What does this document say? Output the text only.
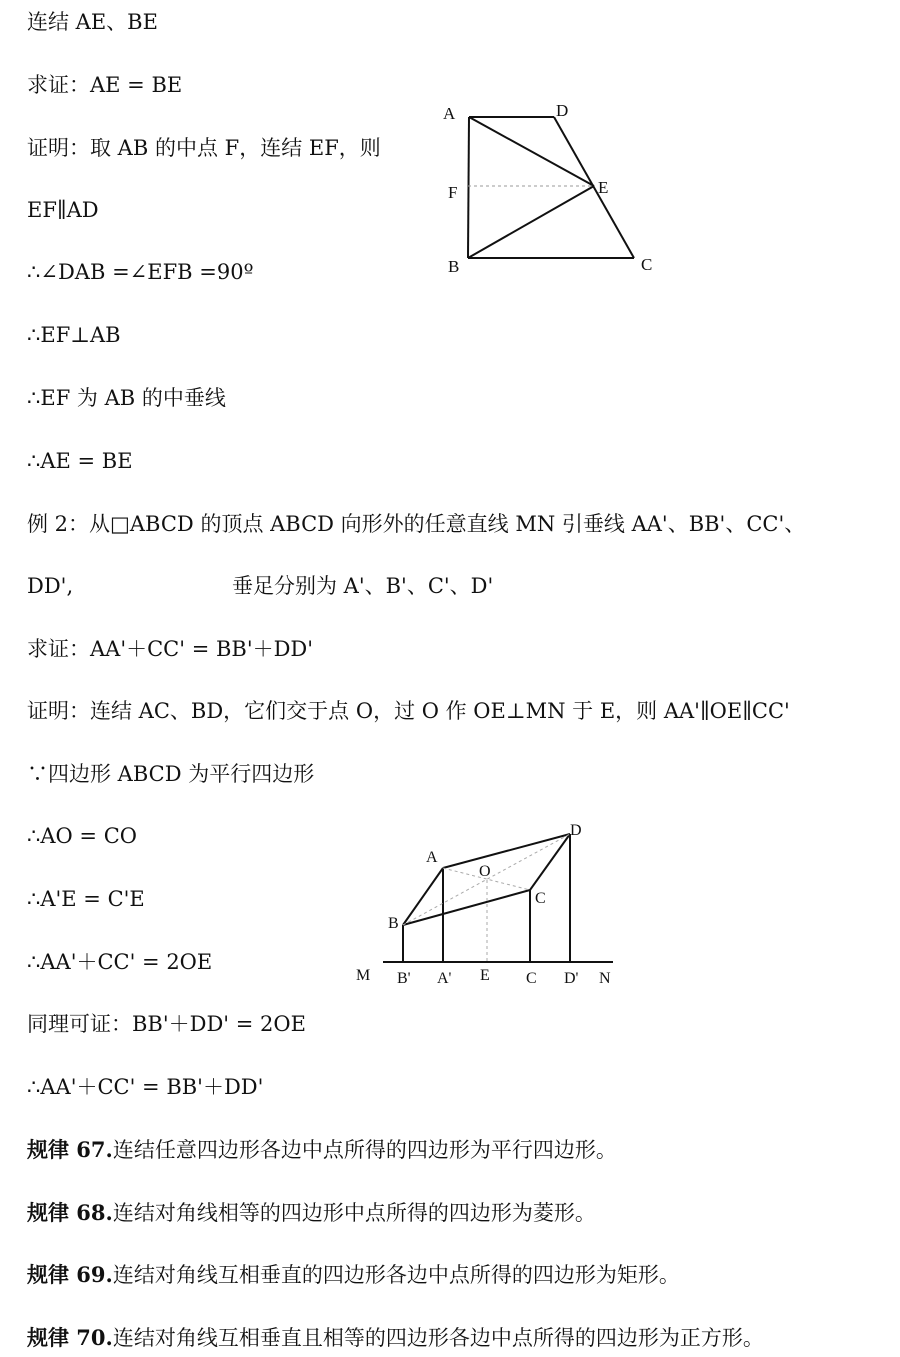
连结 AE、BE
求证：AE = BE
证明：取 AB 的中点 F，连结 EF，则
EF∥AD
∴∠DAB =∠EFB =90º
∴EF⊥AB
∴EF 为 AB 的中垂线
∴AE = BE
例 2：从□ABCD 的顶点 ABCD 向形外的任意直线 MN 引垂线 AA'、BB'、CC'、
DD',	垂足分别为 A'、B'、C'、D'
求证：AA'＋CC' = BB'＋DD'
证明：连结 AC、BD，它们交于点 O，过 O 作 OE⊥MN 于 E，则 AA'∥OE∥CC'
∵四边形 ABCD 为平行四边形
∴AO = CO
∴A'E = C'E
∴AA'＋CC' = 2OE
同理可证：BB'＋DD' = 2OE
∴AA'＋CC' = BB'＋DD'
规律 67.连结任意四边形各边中点所得的四边形为平行四边形。
规律 68.连结对角线相等的四边形中点所得的四边形为菱形。
规律 69.连结对角线互相垂直的四边形各边中点所得的四边形为矩形。
规律 70.连结对角线互相垂直且相等的四边形各边中点所得的四边形为正方形。
A	D
F	E
B	C
A
O
D
C
B
M B' A' E C D' N
